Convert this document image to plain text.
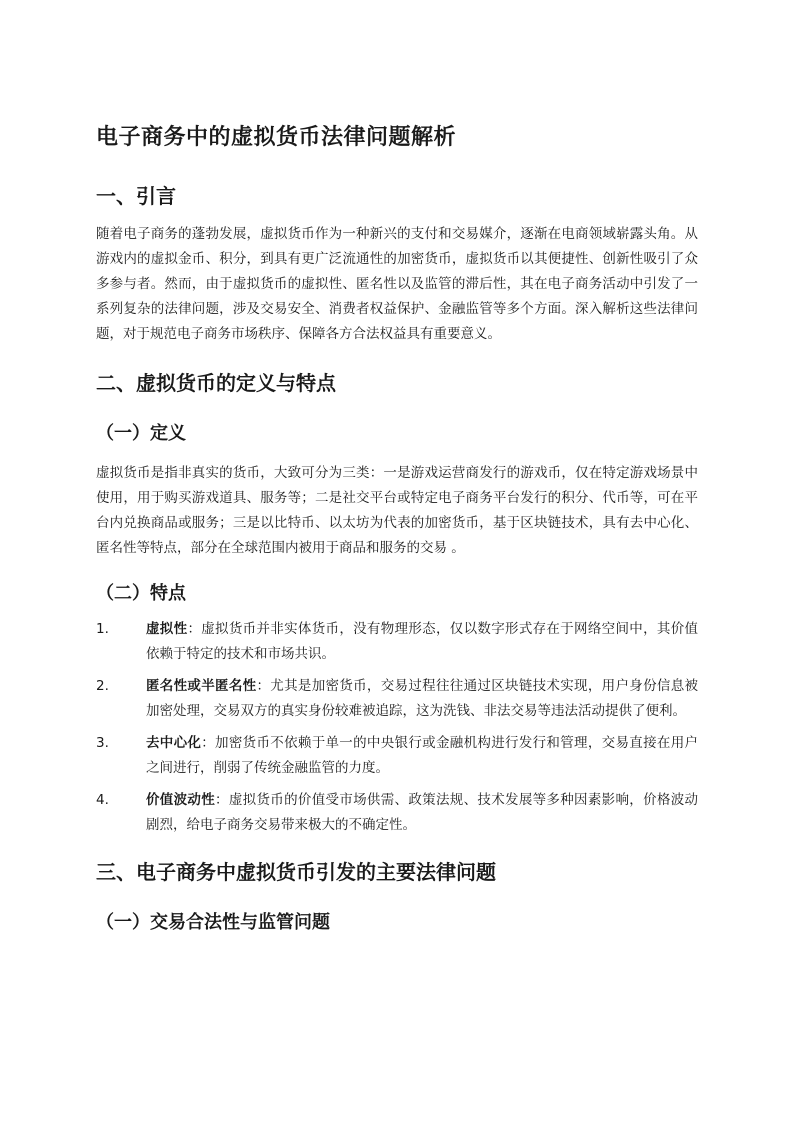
电子商务中的虚拟货币法律问题解析
一、引言

随着电子商务的蓬勃发展，虚拟货币作为一种新兴的支付和交易媒介，逐渐在电商领域崭露头角。从游戏内的虚拟金币、积分，到具有更广泛流通性的加密货币，虚拟货币以其便捷性、创新性吸引了众多参与者。然而，由于虚拟货币的虚拟性、匿名性以及监管的滞后性，其在电子商务活动中引发了一系列复杂的法律问题，涉及交易安全、消费者权益保护、金融监管等多个方面。深入解析这些法律问题，对于规范电子商务市场秩序、保障各方合法权益具有重要意义。

二、虚拟货币的定义与特点
（一）定义

虚拟货币是指非真实的货币，大致可分为三类：一是游戏运营商发行的游戏币，仅在特定游戏场景中使用，用于购买游戏道具、服务等；二是社交平台或特定电子商务平台发行的积分、代币等，可在平台内兑换商品或服务；三是以比特币、以太坊为代表的加密货币，基于区块链技术，具有去中心化、匿名性等特点，部分在全球范围内被用于商品和服务的交易 。

（二）特点
1.	虚拟性：虚拟货币并非实体货币，没有物理形态，仅以数字形式存在于网络空间中，其价值依赖于特定的技术和市场共识。
2.	匿名性或半匿名性：尤其是加密货币，交易过程往往通过区块链技术实现，用户身份信息被加密处理，交易双方的真实身份较难被追踪，这为洗钱、非法交易等违法活动提供了便利。
3.	去中心化：加密货币不依赖于单一的中央银行或金融机构进行发行和管理，交易直接在用户之间进行，削弱了传统金融监管的力度。
4.	价值波动性：虚拟货币的价值受市场供需、政策法规、技术发展等多种因素影响，价格波动剧烈，给电子商务交易带来极大的不确定性。
三、电子商务中虚拟货币引发的主要法律问题
（一）交易合法性与监管问题
